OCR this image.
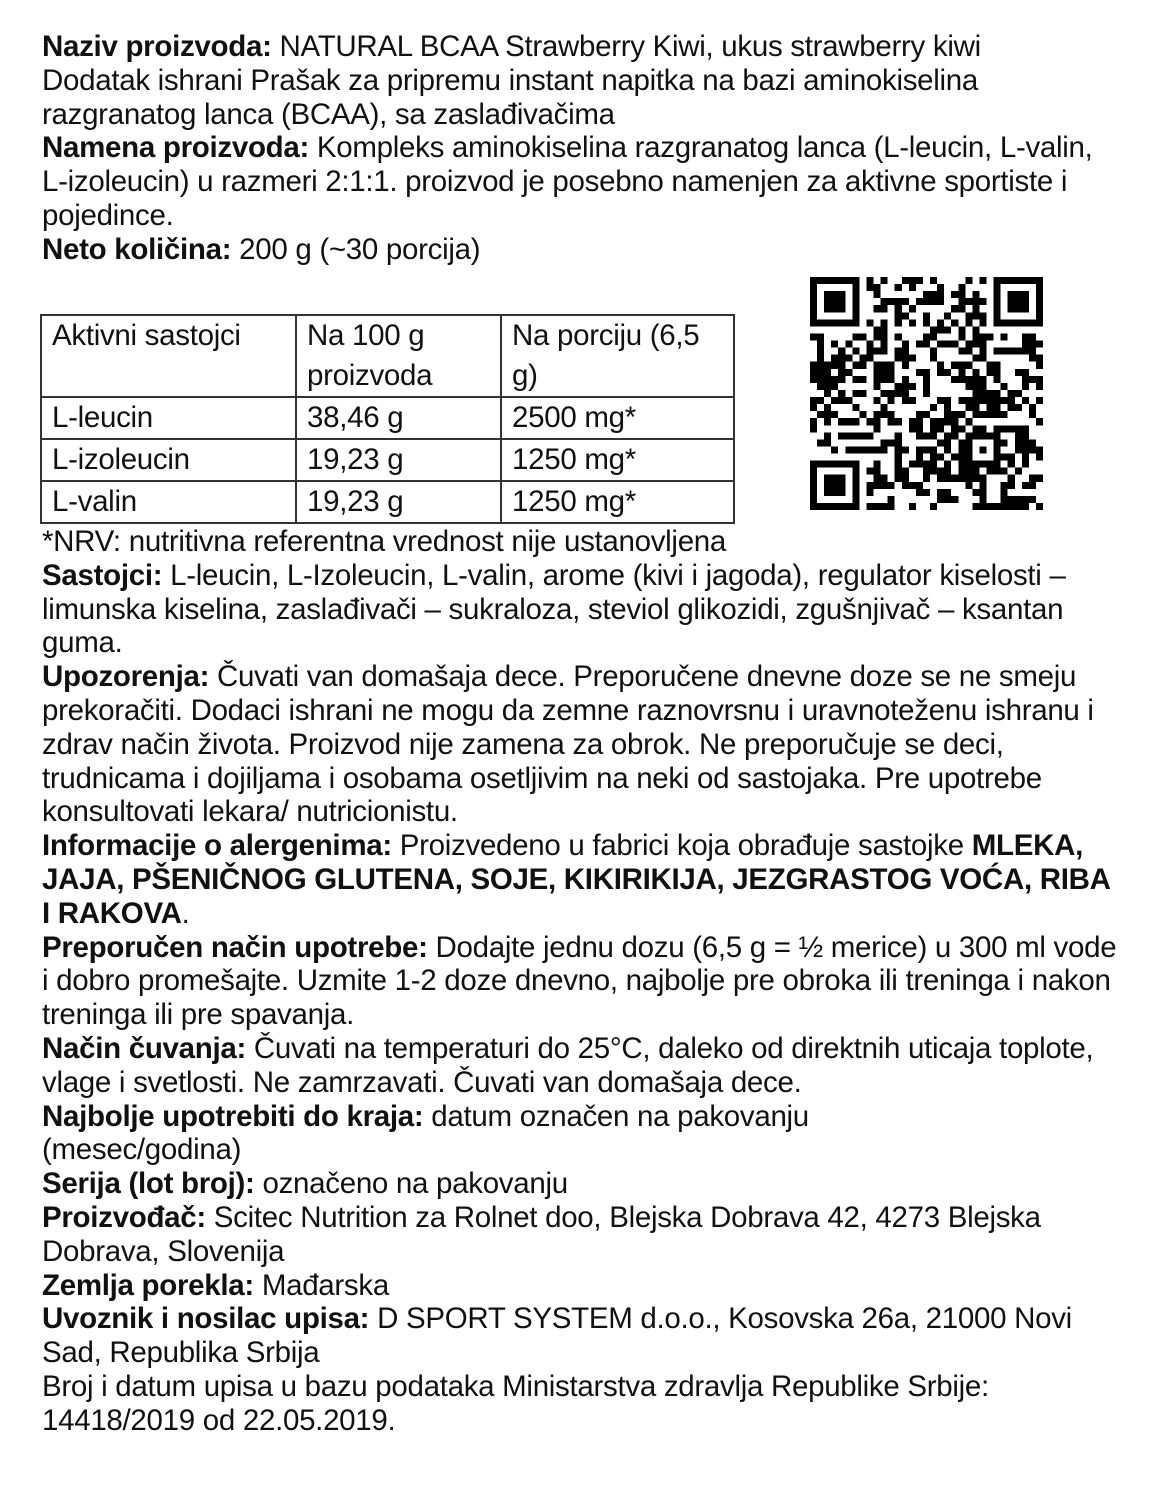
Naziv proizvoda: NATURAL BCAA Strawberry Kiwi, ukus strawberry kiwi
Dodatak ishrani Prašak za pripremu instant napitka na bazi aminokiselina razgranatog lanca (BCAA), sa zaslađivačima
Namena proizvoda: Kompleks aminokiselina razgranatog lanca (L-leucin, L-valin, L-izoleucin) u razmeri 2:1:1. proizvod je posebno namenjen za aktivne sportiste i pojedince.
Neto količina: 200 g (~30 porcija)
Aktivni sastojci	Na 100 g proizvoda	Na porciju (6,5 g)
L-leucin	38,46 g	2500 mg*
L-izoleucin	19,23 g	1250 mg*
L-valin	19,23 g	1250 mg*
*NRV: nutritivna referentna vrednost nije ustanovljena
Sastojci: L-leucin, L-Izoleucin, L-valin, arome (kivi i jagoda), regulator kiselosti – limunska kiselina, zaslađivači – sukraloza, steviol glikozidi, zgušnjivač – ksantan guma.
Upozorenja: Čuvati van domašaja dece. Preporučene dnevne doze se ne smeju prekoračiti. Dodaci ishrani ne mogu da zemne raznovrsnu i uravnoteženu ishranu i zdrav način života. Proizvod nije zamena za obrok. Ne preporučuje se deci, trudnicama i dojiljama i osobama osetljivim na neki od sastojaka. Pre upotrebe konsultovati lekara/ nutricionistu.
Informacije o alergenima: Proizvedeno u fabrici koja obrađuje sastojke MLEKA, JAJA, PŠENIČNOG GLUTENA, SOJE, KIKIRIKIJA, JEZGRASTOG VOĆA, RIBA I RAKOVA.
Preporučen način upotrebe: Dodajte jednu dozu (6,5 g = ½ merice) u 300 ml vode i dobro promešajte. Uzmite 1-2 doze dnevno, najbolje pre obroka ili treninga i nakon treninga ili pre spavanja.
Način čuvanja: Čuvati na temperaturi do 25°C, daleko od direktnih uticaja toplote, vlage i svetlosti. Ne zamrzavati. Čuvati van domašaja dece.
Najbolje upotrebiti do kraja: datum označen na pakovanju (mesec/godina)
Serija (lot broj): označeno na pakovanju
Proizvođač: Scitec Nutrition za Rolnet doo, Blejska Dobrava 42, 4273 Blejska Dobrava, Slovenija
Zemlja porekla: Mađarska
Uvoznik i nosilac upisa: D SPORT SYSTEM d.o.o., Kosovska 26a, 21000 Novi Sad, Republika Srbija
Broj i datum upisa u bazu podataka Ministarstva zdravlja Republike Srbije: 14418/2019 od 22.05.2019.
